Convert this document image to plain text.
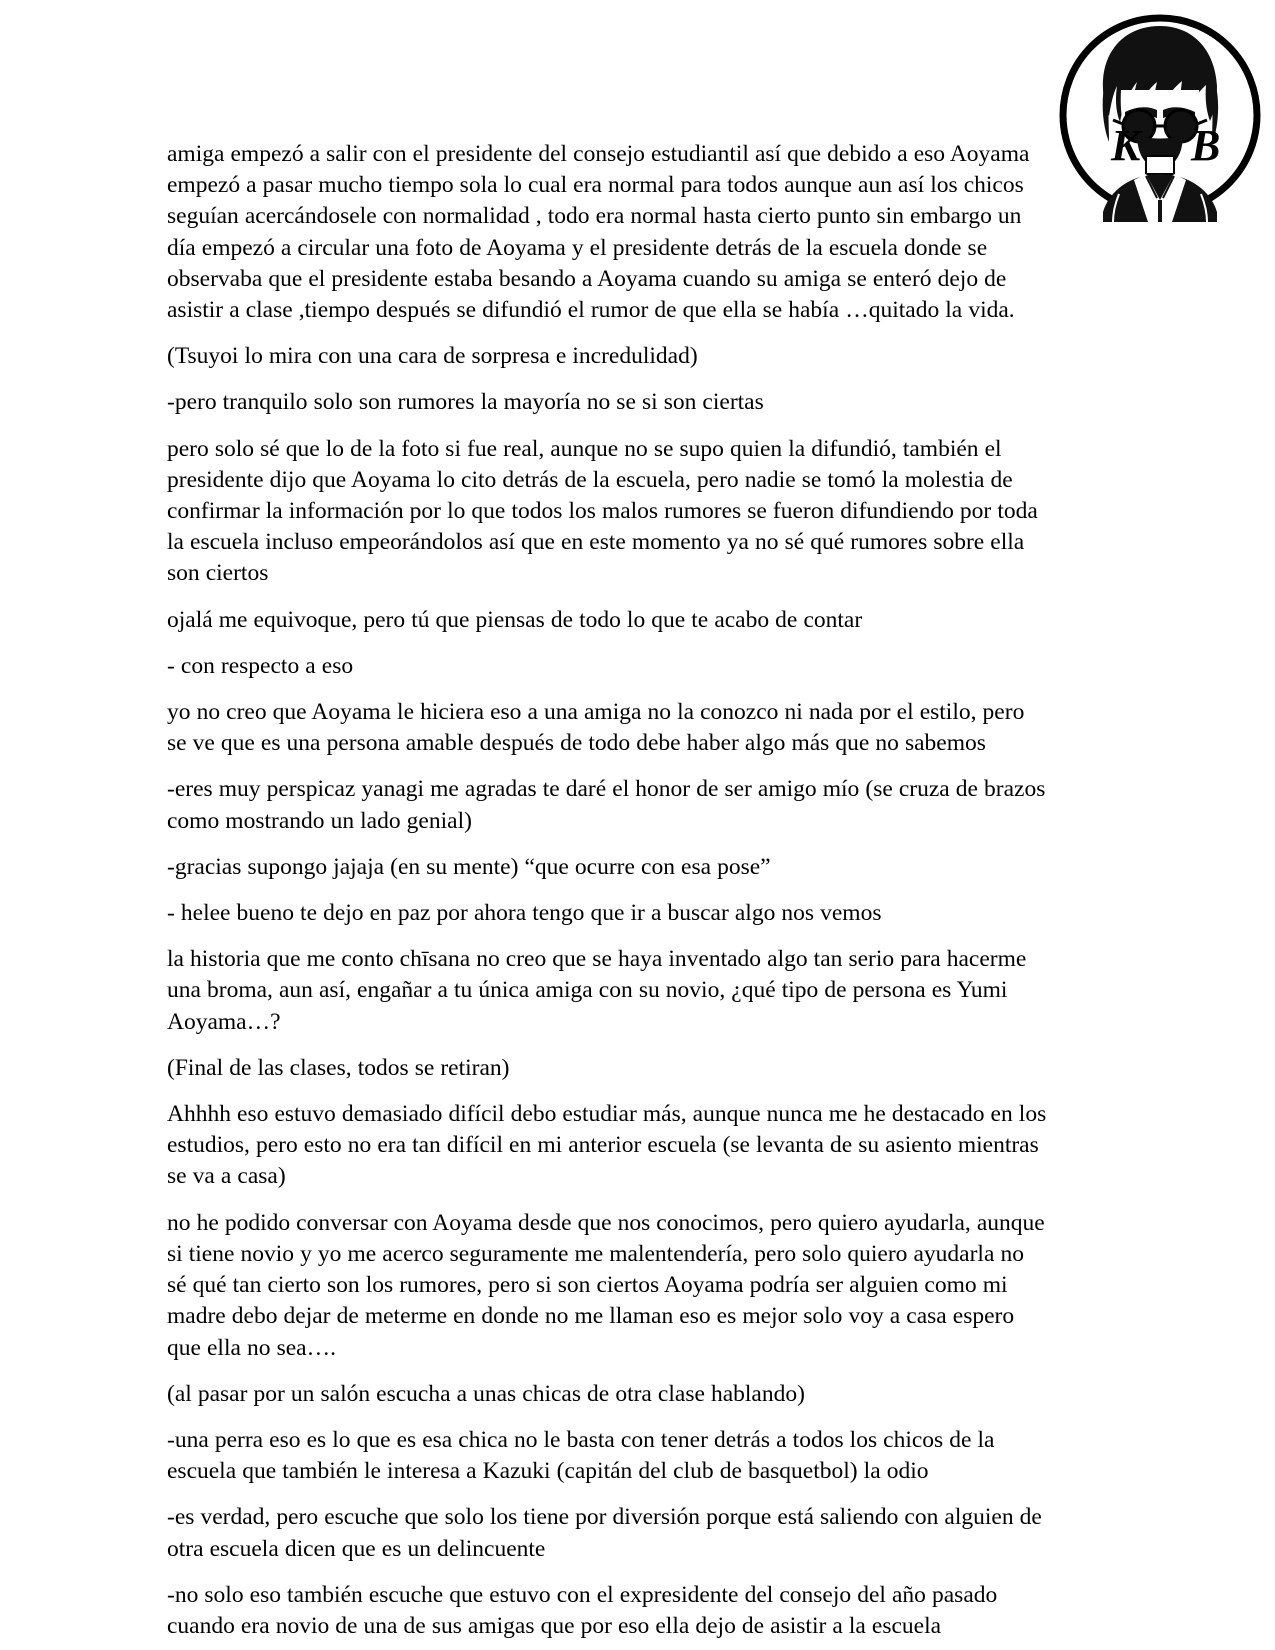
K B

amiga empezó a salir con el presidente del consejo estudiantil así que debido a eso Aoyama empezó a pasar mucho tiempo sola lo cual era normal para todos aunque aun así los chicos seguían acercándosele con normalidad , todo era normal hasta cierto punto sin embargo un día empezó a circular una foto de Aoyama y el presidente detrás de la escuela donde se observaba que el presidente estaba besando a Aoyama cuando su amiga se enteró dejo de asistir a clase ,tiempo después se difundió el rumor de que ella se había …quitado la vida.

(Tsuyoi lo mira con una cara de sorpresa e incredulidad)

-pero tranquilo solo son rumores la mayoría no se si son ciertas

pero solo sé que lo de la foto si fue real, aunque no se supo quien la difundió, también el presidente dijo que Aoyama lo cito detrás de la escuela, pero nadie se tomó la molestia de confirmar la información por lo que todos los malos rumores se fueron difundiendo por toda la escuela incluso empeorándolos así que en este momento ya no sé qué rumores sobre ella son ciertos

ojalá me equivoque, pero tú que piensas de todo lo que te acabo de contar

- con respecto a eso

yo no creo que Aoyama le hiciera eso a una amiga no la conozco ni nada por el estilo, pero se ve que es una persona amable después de todo debe haber algo más que no sabemos

-eres muy perspicaz yanagi me agradas te daré el honor de ser amigo mío (se cruza de brazos como mostrando un lado genial)

-gracias supongo jajaja (en su mente) “que ocurre con esa pose”

- helee bueno te dejo en paz por ahora tengo que ir a buscar algo nos vemos

la historia que me conto chīsana no creo que se haya inventado algo tan serio para hacerme una broma, aun así, engañar a tu única amiga con su novio, ¿qué tipo de persona es Yumi Aoyama…?

(Final de las clases, todos se retiran)

Ahhhh eso estuvo demasiado difícil debo estudiar más, aunque nunca me he destacado en los estudios, pero esto no era tan difícil en mi anterior escuela (se levanta de su asiento mientras se va a casa)

no he podido conversar con Aoyama desde que nos conocimos, pero quiero ayudarla, aunque si tiene novio y yo me acerco seguramente me malentendería, pero solo quiero ayudarla no sé qué tan cierto son los rumores, pero si son ciertos Aoyama podría ser alguien como mi madre debo dejar de meterme en donde no me llaman eso es mejor solo voy a casa espero que ella no sea….

(al pasar por un salón escucha a unas chicas de otra clase hablando)

-una perra eso es lo que es esa chica no le basta con tener detrás a todos los chicos de la escuela que también le interesa a Kazuki (capitán del club de basquetbol) la odio

-es verdad, pero escuche que solo los tiene por diversión porque está saliendo con alguien de otra escuela dicen que es un delincuente

-no solo eso también escuche que estuvo con el expresidente del consejo del año pasado cuando era novio de una de sus amigas que por eso ella dejo de asistir a la escuela
